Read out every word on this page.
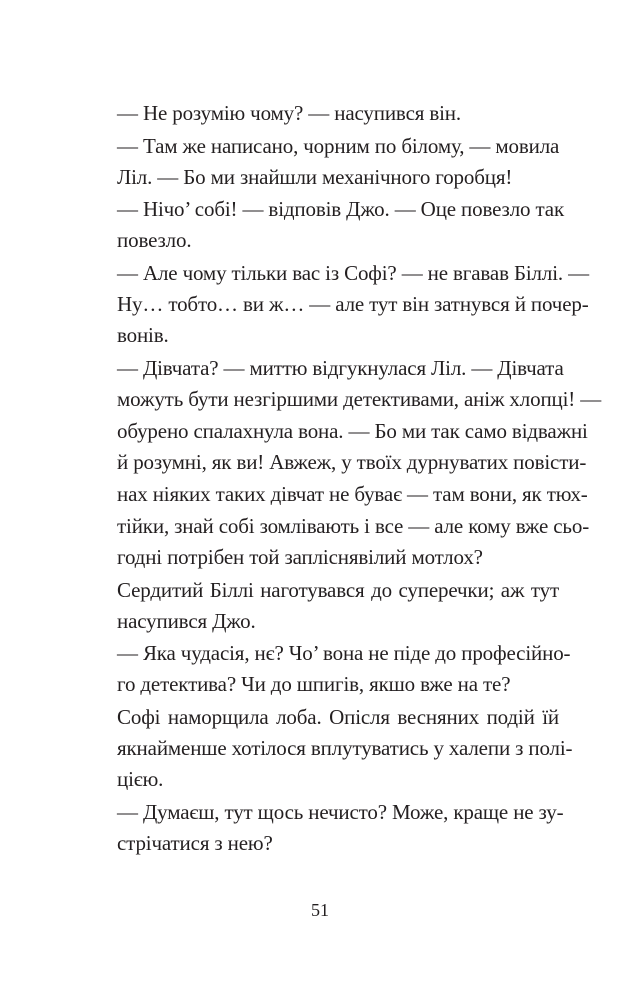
— Не розумію чому? — насупився він.
— Там же написано, чорним по білому, — мовила
Ліл. — Бо ми знайшли механічного горобця!
— Нічо’ собі! — відповів Джо. — Оце повезло так
повезло.
— Але чому тільки вас із Софі? — не вгавав Біллі. —
Ну… тобто… ви ж… — але тут він затнувся й почер-
вонів.
— Дівчата? — миттю відгукнулася Ліл. — Дівчата
можуть бути незгіршими детективами, аніж хлопці! —
обурено спалахнула вона. — Бо ми так само відважні
й розумні, як ви! Авжеж, у твоїх дурнуватих повісти-
нах ніяких таких дівчат не буває — там вони, як тюх-
тійки, знай собі зомлівають і все — але кому вже сьо-
годні потрібен той запліснявілий мотлох?
Сердитий Біллі наготувався до суперечки; аж тут
насупився Джо.
— Яка чудасія, нє? Чо’ вона не піде до професійно-
го детектива? Чи до шпигів, якшо вже на те?
Софі наморщила лоба. Опісля весняних подій їй
якнайменше хотілося вплутуватись у халепи з полі-
цією.
— Думаєш, тут щось нечисто? Може, краще не зу-
стрічатися з нею?
51
